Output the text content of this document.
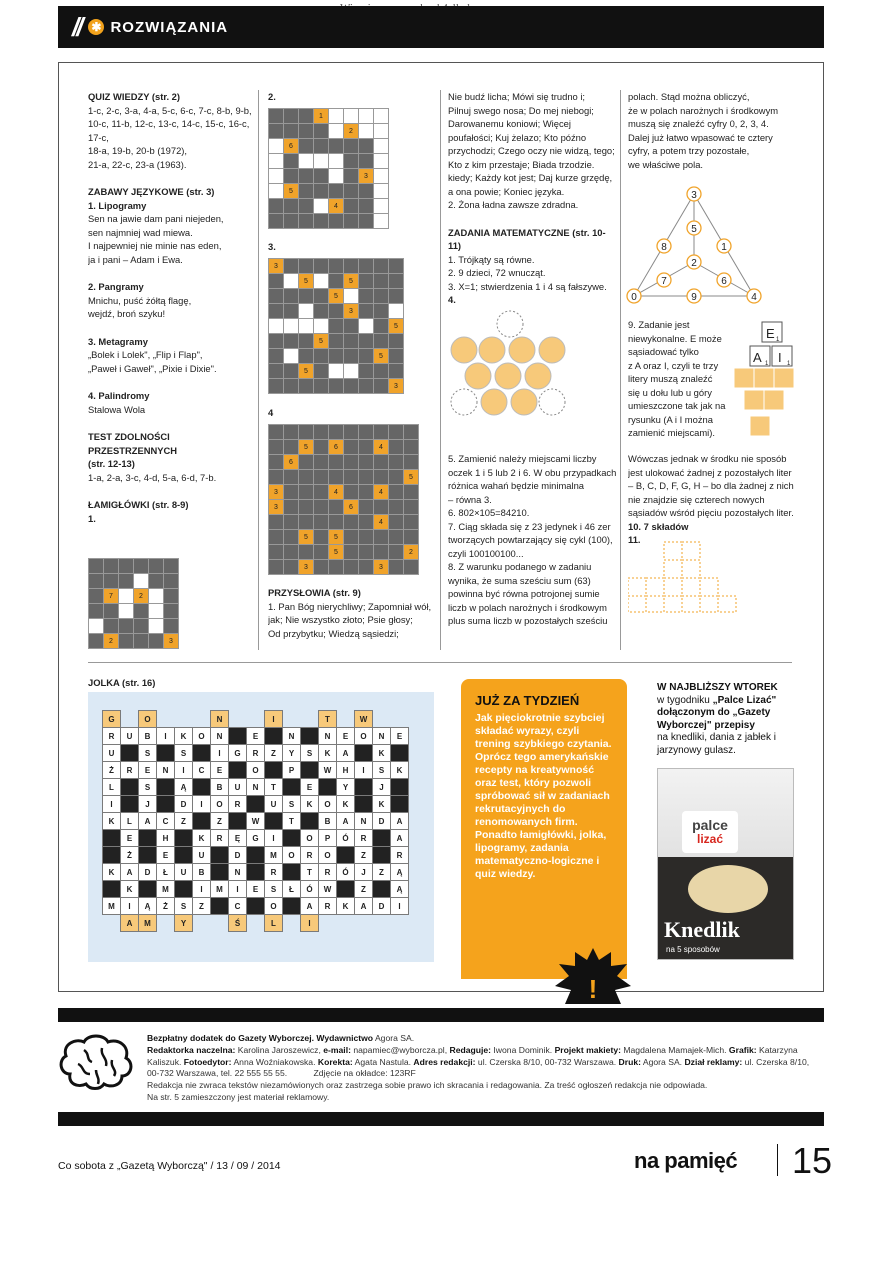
// ✱ ROZWIĄZANIA
QUIZ WIEDZY (str. 2)
1-c, 2-c, 3-a, 4-a, 5-c, 6-c, 7-c, 8-b, 9-b,
10-c, 11-b, 12-c, 13-c, 14-c, 15-c, 16-c, 17-c,
18-a, 19-b, 20-b (1972),
21-a, 22-c, 23-a (1963).
ZABAWY JĘZYKOWE (str. 3)
1. Lipogramy
Sen na jawie dam pani niejeden,
sen najmniej wad miewa.
I najpewniej nie minie nas eden,
ja i pani – Adam i Ewa.
2. Pangramy
Mnichu, puść żółtą flagę,
wejdź, broń szyku!
3. Metagramy
„Bolek i Lolek", „Flip i Flap",
„Paweł i Gaweł", „Pixie i Dixie".
4. Palindromy
Stalowa Wola
TEST ZDOLNOŚCI
PRZESTRZENNYCH
(str. 12-13)
1-a, 2-a, 3-c, 4-d, 5-a, 6-d, 7-b.
ŁAMIGŁÓWKI (str. 8-9)
1.

	7		2		

	2				3
2.
			1				
					2		
	6						

						3	
	5						
				4			

3.
3								
		5			5			
				5				
					3			
								5
			5					
							5	
		5						
								3
4

		5		6			4		
	6								
									5
3				4			4		
3					6				
							4		
		5		5					
				5					2
		3					3		
PRZYSŁOWIA (str. 9)
1. Pan Bóg nierychliwy; Zapomniał wół,
jak; Nie wszystko złoto; Psie głosy;
Od przybytku; Wiedzą sąsiedzi;
Nie budź licha; Mówi się trudno i;
Pilnuj swego nosa; Do mej niebogi;
Darowanemu koniowi; Więcej
poufałości; Kuj żelazo; Kto późno
przychodzi; Czego oczy nie widzą, tego;
Kto z kim przestaje; Biada trzodzie.
kiedy; Każdy kot jest; Daj kurze grzędę,
a ona powie; Koniec języka.
2. Żona ładna zawsze zdradna.
ZADANIA MATEMATYCZNE (str. 10-11)
1. Trójkąty są równe.
2. 9 dzieci, 72 wnucząt.
3. X=1; stwierdzenia 1 i 4 są fałszywe.
4.
5. Zamienić należy miejscami liczby
oczek 1 i 5 lub 2 i 6. W obu przypadkach
różnica wahań będzie minimalna
– równa 3.
6. 802×105=84210.
7. Ciąg składa się z 23 jedynek i 46 zer
tworzących powtarzający się cykl (100),
czyli 100100100...
8. Z warunku podanego w zadaniu
wynika, że suma sześciu sum (63)
powinna być równa potrojonej sumie
liczb w polach narożnych i środkowym
plus suma liczb w pozostałych sześciu
polach. Stąd można obliczyć,
że w polach narożnych i środkowym
muszą się znaleźć cyfry 0, 2, 3, 4.
Dalej już łatwo wpasować te cztery
cyfry, a potem trzy pozostałe,
we właściwe pola.
3
5
8	1
2
7	6
0	9	4
9. Zadanie jest
niewykonalne. E może
sąsiadować tylko
z A oraz I, czyli te trzy
litery muszą znaleźć
się u dołu lub u góry
umieszczone tak jak na
rysunku (A i I można
zamienić miejscami).
E
A I
1
1	1
Wówczas jednak w środku nie sposób
jest ulokować żadnej z pozostałych liter
– B, C, D, F, G, H – bo dla żadnej z nich
nie znajdzie się czterech nowych
sąsiadów wśród pięciu pozostałych liter.
10. 7 składów
11.
JOLKA (str. 16)
G		O				N			I			T		W		
R	U	B	I	K	O	N		E		N		N	E	O	N	E
U		S		S		I	G	R	Z	Y	S	K	A		K	
Ż	R	E	N	I	C	E		O		P		W	H	I	S	K
L		S		Ą		B	U	N	T		E		Y		J	
I		J		D	I	O	R		U	S	K	O	K		K	
K	L	A	C	Z		Z		W		T		B	A	N	D	A
	E		H		K	R	Ę	G	I		O	P	Ó	R		A
	Ż		E		U		D		M	O	R	O		Z		R
K	A	D	Ł	U	B		N		R		T	R	Ó	J	Z	Ą
	K		M		I	M	I	E	S	Ł	Ó	W		Z		Ą
M	I	Ą	Ż	S	Z		C		O		A	R	K	A	D	I
	A	M		Y			Ś		L		I					
JUŻ ZA TYDZIEŃ
Jak pięciokrotnie szybciej składać wyrazy, czyli trening szybkiego czytania. Oprócz tego amerykańskie recepty na kreatywność oraz test, który pozwoli spróbować sił w zadaniach rekrutacyjnych do renomowanych firm. Ponadto łamigłówki, jolka, lipogramy, zadania matematyczno-logiczne i quiz wiedzy.
!
W NAJBLIŻSZY WTOREK
w tygodniku „Palce Lizać"
dołączonym do „Gazety Wyborczej" przepisy
na knedliki, dania z jabłek i jarzynowy gulasz.
palce
lizać
Knedlik
na 5 sposobów
Bezpłatny dodatek do Gazety Wyborczej. Wydawnictwo Agora SA.
Redaktorka naczelna: Karolina Jaroszewicz, e-mail: napamiec@wyborcza.pl, Redaguje: Iwona Dominik. Projekt makiety: Magdalena Mamajek-Mich. Grafik: Katarzyna Kaliszuk. Fotoedytor: Anna Woźniakowska. Korekta: Agata Nastula. Adres redakcji: ul. Czerska 8/10, 00-732 Warszawa. Druk: Agora SA. Dział reklamy: ul. Czerska 8/10, 00-732 Warszawa, tel. 22 555 55 55.	Zdjęcie na okładce: 123RF
Redakcja nie zwraca tekstów niezamówionych oraz zastrzega sobie prawo ich skracania i redagowania. Za treść ogłoszeń redakcja nie odpowiada.
Na str. 5 zamieszczony jest materiał reklamowy.
Co sobota z „Gazetą Wyborczą" / 13 / 09 / 2014	na pamięć 15
